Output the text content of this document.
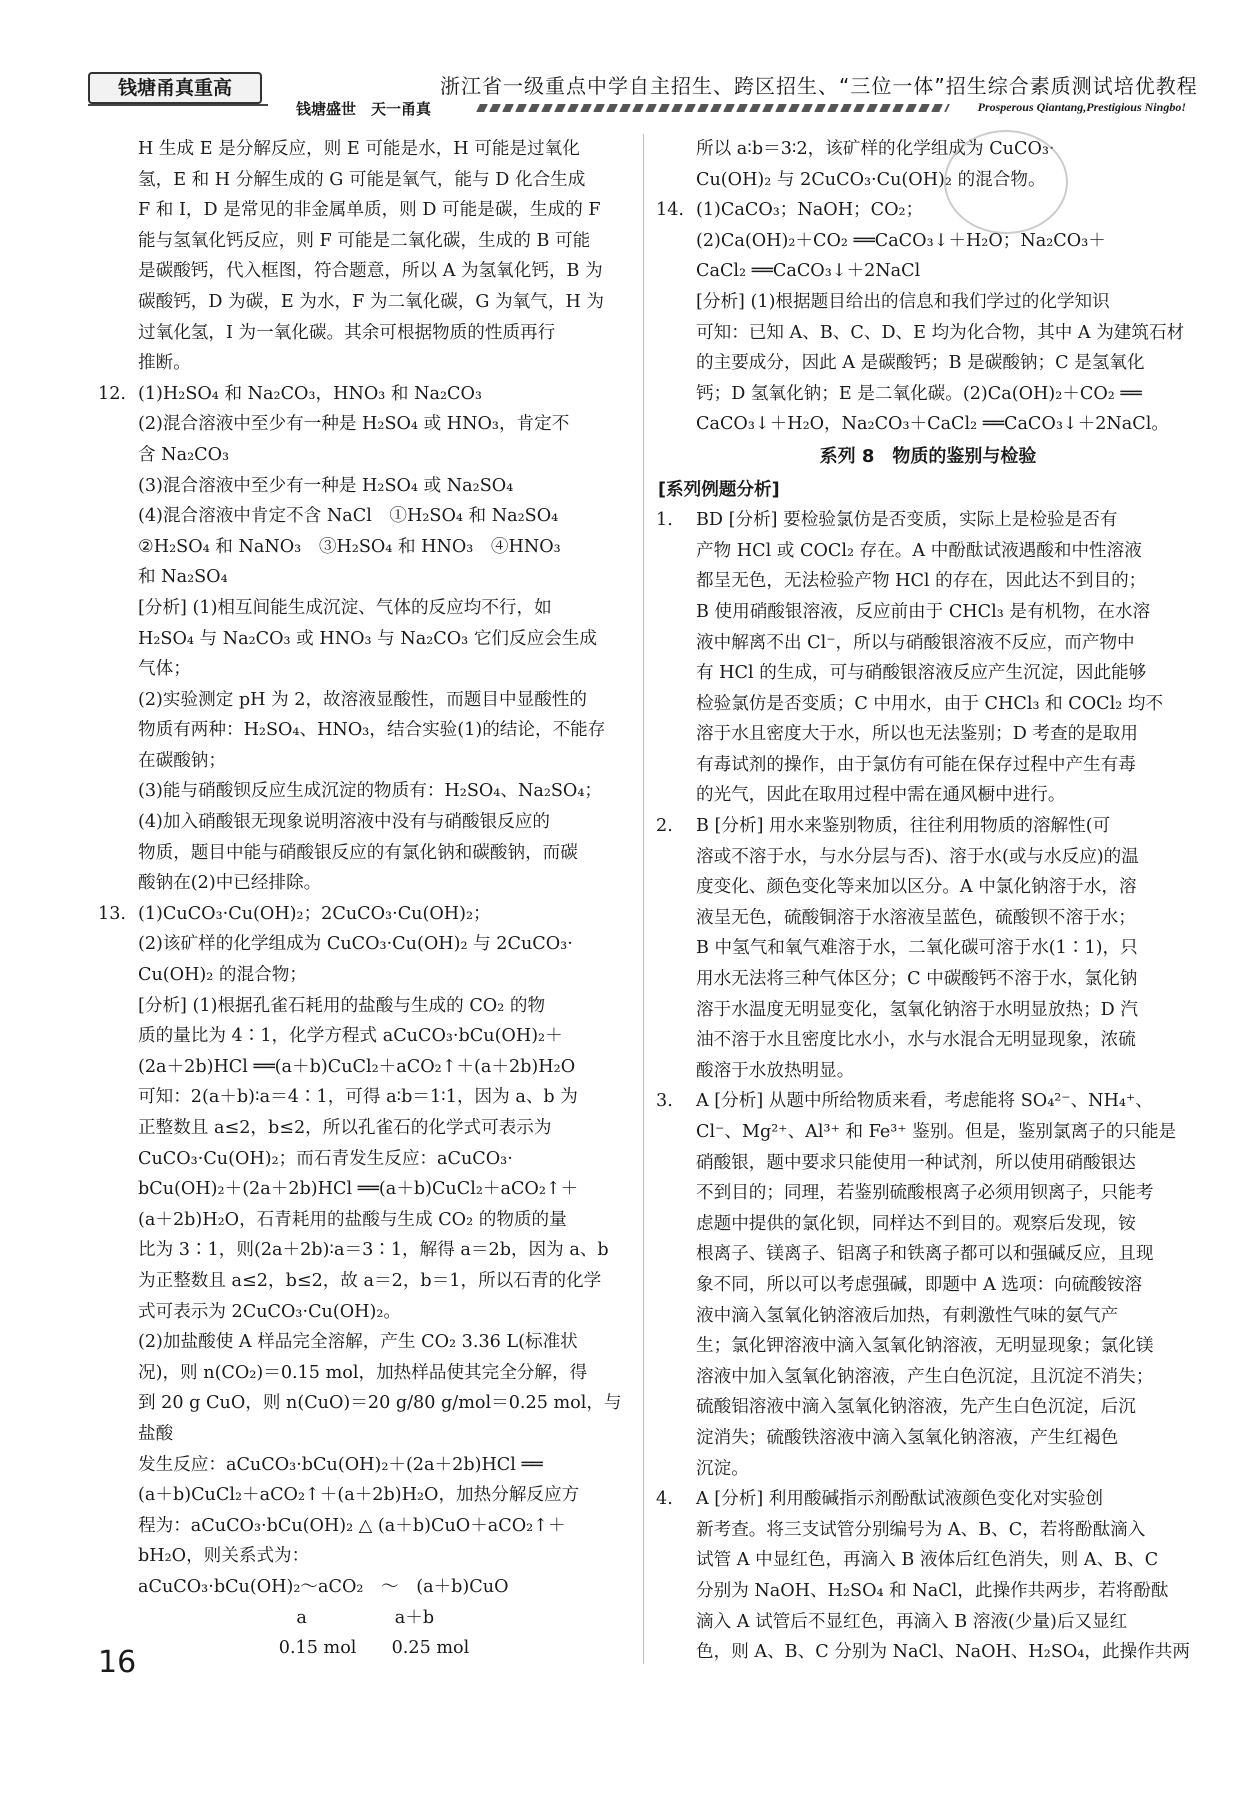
钱塘甬真重高
钱塘盛世　天一甬真
浙江省一级重点中学自主招生、跨区招生、“三位一体”招生综合素质测试培优教程
Prosperous Qiantang,Prestigious Ningbo!

H 生成 E 是分解反应，则 E 可能是水，H 可能是过氧化

氢，E 和 H 分解生成的 G 可能是氧气，能与 D 化合生成

F 和 I，D 是常见的非金属单质，则 D 可能是碳，生成的 F

能与氢氧化钙反应，则 F 可能是二氧化碳，生成的 B 可能

是碳酸钙，代入框图，符合题意，所以 A 为氢氧化钙，B 为

碳酸钙，D 为碳，E 为水，F 为二氧化碳，G 为氧气，H 为

过氧化氢，I 为一氧化碳。其余可根据物质的性质再行

推断。

12. (1)H₂SO₄ 和 Na₂CO₃，HNO₃ 和 Na₂CO₃

(2)混合溶液中至少有一种是 H₂SO₄ 或 HNO₃，肯定不

含 Na₂CO₃

(3)混合溶液中至少有一种是 H₂SO₄ 或 Na₂SO₄

(4)混合溶液中肯定不含 NaCl　①H₂SO₄ 和 Na₂SO₄

②H₂SO₄ 和 NaNO₃　③H₂SO₄ 和 HNO₃　④HNO₃

和 Na₂SO₄

[分析] (1)相互间能生成沉淀、气体的反应均不行，如

H₂SO₄ 与 Na₂CO₃ 或 HNO₃ 与 Na₂CO₃ 它们反应会生成

气体；

(2)实验测定 pH 为 2，故溶液显酸性，而题目中显酸性的

物质有两种：H₂SO₄、HNO₃，结合实验(1)的结论，不能存

在碳酸钠；

(3)能与硝酸钡反应生成沉淀的物质有：H₂SO₄、Na₂SO₄；

(4)加入硝酸银无现象说明溶液中没有与硝酸银反应的

物质，题目中能与硝酸银反应的有氯化钠和碳酸钠，而碳

酸钠在(2)中已经排除。

13. (1)CuCO₃·Cu(OH)₂；2CuCO₃·Cu(OH)₂；

(2)该矿样的化学组成为 CuCO₃·Cu(OH)₂ 与 2CuCO₃·

Cu(OH)₂ 的混合物；

[分析] (1)根据孔雀石耗用的盐酸与生成的 CO₂ 的物

质的量比为 4∶1，化学方程式 aCuCO₃·bCu(OH)₂＋

(2a＋2b)HCl ══(a＋b)CuCl₂＋aCO₂↑＋(a＋2b)H₂O

可知：2(a＋b)∶a＝4∶1，可得 a∶b＝1∶1，因为 a、b 为

正整数且 a≤2，b≤2，所以孔雀石的化学式可表示为

CuCO₃·Cu(OH)₂；而石青发生反应：aCuCO₃·

bCu(OH)₂＋(2a＋2b)HCl ══(a＋b)CuCl₂＋aCO₂↑＋

(a＋2b)H₂O，石青耗用的盐酸与生成 CO₂ 的物质的量

比为 3∶1，则(2a＋2b)∶a＝3∶1，解得 a＝2b，因为 a、b

为正整数且 a≤2，b≤2，故 a＝2，b＝1，所以石青的化学

式可表示为 2CuCO₃·Cu(OH)₂。

(2)加盐酸使 A 样品完全溶解，产生 CO₂ 3.36 L(标准状

况)，则 n(CO₂)＝0.15 mol，加热样品使其完全分解，得

到 20 g CuO，则 n(CuO)＝20 g/80 g/mol＝0.25 mol，与盐酸

发生反应：aCuCO₃·bCu(OH)₂＋(2a＋2b)HCl ══

(a＋b)CuCl₂＋aCO₂↑＋(a＋2b)H₂O，加热分解反应方

程为：aCuCO₃·bCu(OH)₂ △ (a＋b)CuO＋aCO₂↑＋

bH₂O，则关系式为：

aCuCO₃·bCu(OH)₂～aCO₂　～　(a＋b)CuO

　　　　　　　　　a　　　　　a＋b

　　　　　　　　0.15 mol　　0.25 mol

所以 a∶b＝3∶2，该矿样的化学组成为 CuCO₃·

Cu(OH)₂ 与 2CuCO₃·Cu(OH)₂ 的混合物。

14. (1)CaCO₃；NaOH；CO₂；

(2)Ca(OH)₂＋CO₂ ══CaCO₃↓＋H₂O；Na₂CO₃＋

CaCl₂ ══CaCO₃↓＋2NaCl

[分析] (1)根据题目给出的信息和我们学过的化学知识

可知：已知 A、B、C、D、E 均为化合物，其中 A 为建筑石材

的主要成分，因此 A 是碳酸钙；B 是碳酸钠；C 是氢氧化

钙；D 氢氧化钠；E 是二氧化碳。(2)Ca(OH)₂＋CO₂ ══

CaCO₃↓＋H₂O，Na₂CO₃＋CaCl₂ ══CaCO₃↓＋2NaCl。

系列 8　物质的鉴别与检验

[系列例题分析]

1. BD [分析] 要检验氯仿是否变质，实际上是检验是否有

产物 HCl 或 COCl₂ 存在。A 中酚酞试液遇酸和中性溶液

都呈无色，无法检验产物 HCl 的存在，因此达不到目的；

B 使用硝酸银溶液，反应前由于 CHCl₃ 是有机物，在水溶

液中解离不出 Cl⁻，所以与硝酸银溶液不反应，而产物中

有 HCl 的生成，可与硝酸银溶液反应产生沉淀，因此能够

检验氯仿是否变质；C 中用水，由于 CHCl₃ 和 COCl₂ 均不

溶于水且密度大于水，所以也无法鉴别；D 考查的是取用

有毒试剂的操作，由于氯仿有可能在保存过程中产生有毒

的光气，因此在取用过程中需在通风橱中进行。

2. B [分析] 用水来鉴别物质，往往利用物质的溶解性(可

溶或不溶于水，与水分层与否)、溶于水(或与水反应)的温

度变化、颜色变化等来加以区分。A 中氯化钠溶于水，溶

液呈无色，硫酸铜溶于水溶液呈蓝色，硫酸钡不溶于水；

B 中氢气和氧气难溶于水，二氧化碳可溶于水(1∶1)，只

用水无法将三种气体区分；C 中碳酸钙不溶于水，氯化钠

溶于水温度无明显变化，氢氧化钠溶于水明显放热；D 汽

油不溶于水且密度比水小，水与水混合无明显现象，浓硫

酸溶于水放热明显。

3. A [分析] 从题中所给物质来看，考虑能将 SO₄²⁻、NH₄⁺、

Cl⁻、Mg²⁺、Al³⁺ 和 Fe³⁺ 鉴别。但是，鉴别氯离子的只能是

硝酸银，题中要求只能使用一种试剂，所以使用硝酸银达

不到目的；同理，若鉴别硫酸根离子必须用钡离子，只能考

虑题中提供的氯化钡，同样达不到目的。观察后发现，铵

根离子、镁离子、铝离子和铁离子都可以和强碱反应，且现

象不同，所以可以考虑强碱，即题中 A 选项：向硫酸铵溶

液中滴入氢氧化钠溶液后加热，有刺激性气味的氨气产

生；氯化钾溶液中滴入氢氧化钠溶液，无明显现象；氯化镁

溶液中加入氢氧化钠溶液，产生白色沉淀，且沉淀不消失；

硫酸铝溶液中滴入氢氧化钠溶液，先产生白色沉淀，后沉

淀消失；硫酸铁溶液中滴入氢氧化钠溶液，产生红褐色

沉淀。

4. A [分析] 利用酸碱指示剂酚酞试液颜色变化对实验创

新考查。将三支试管分别编号为 A、B、C，若将酚酞滴入

试管 A 中显红色，再滴入 B 液体后红色消失，则 A、B、C

分别为 NaOH、H₂SO₄ 和 NaCl，此操作共两步，若将酚酞

滴入 A 试管后不显红色，再滴入 B 溶液(少量)后又显红

色，则 A、B、C 分别为 NaCl、NaOH、H₂SO₄，此操作共两

16
